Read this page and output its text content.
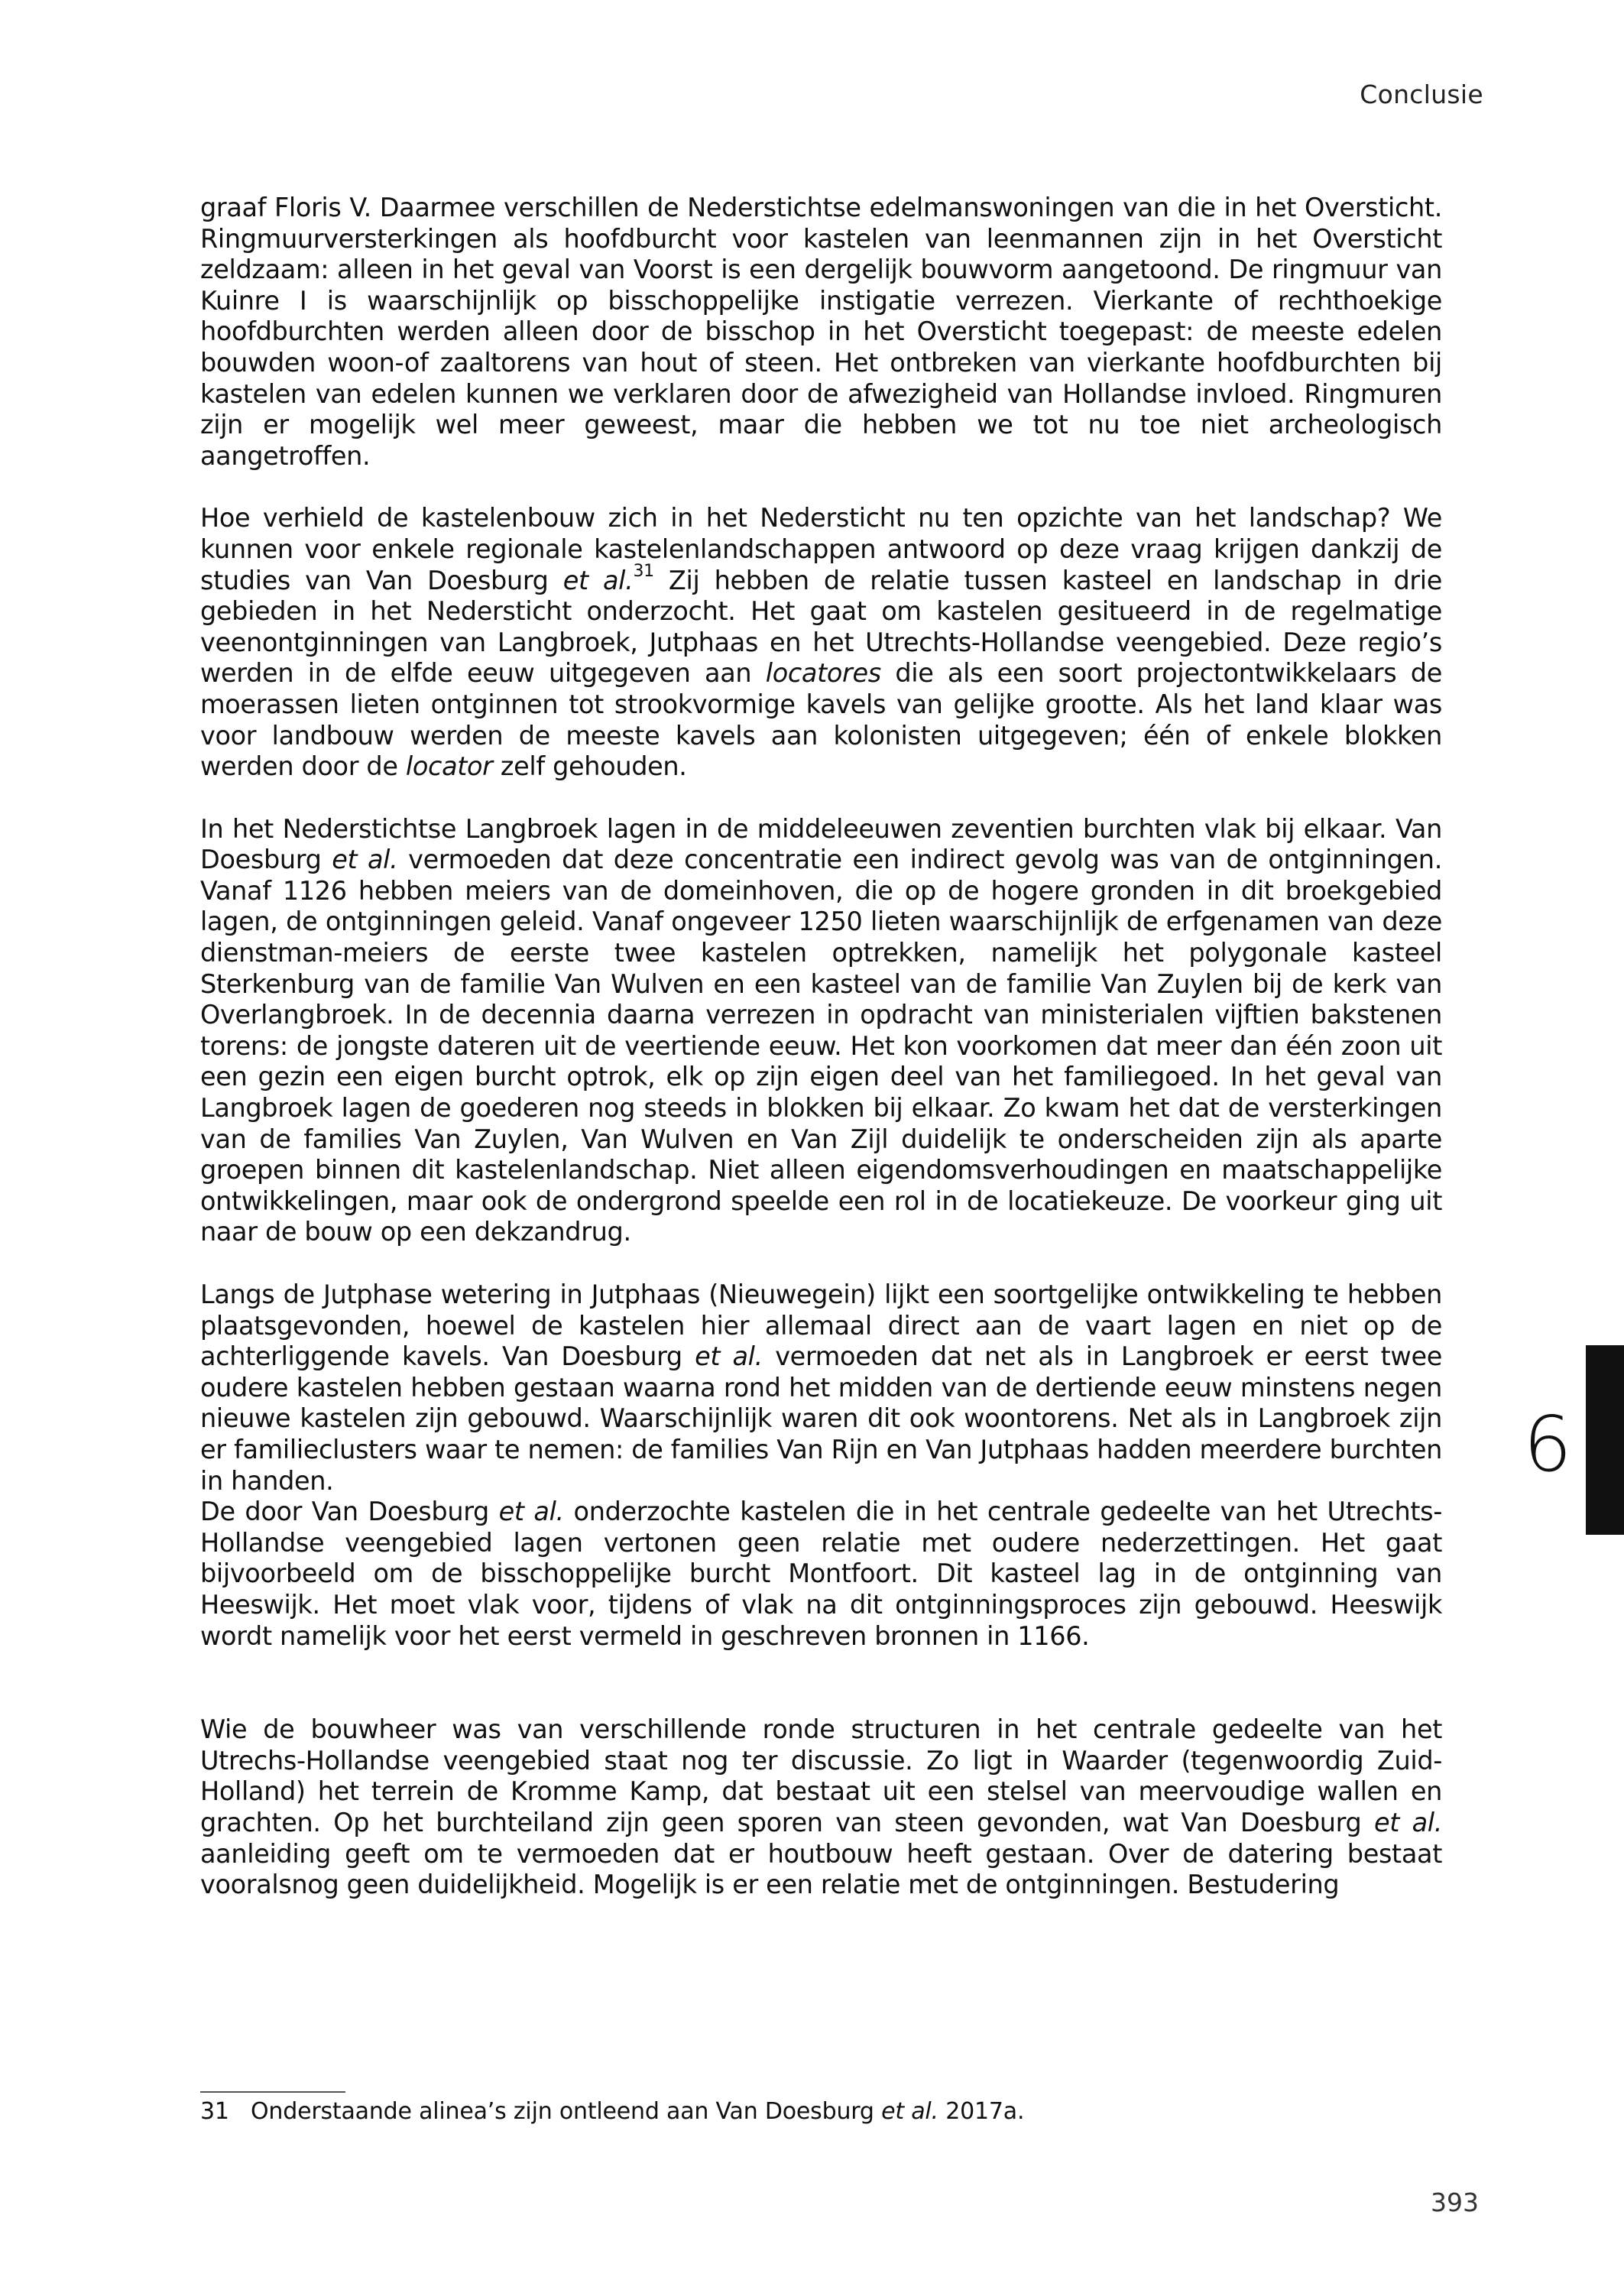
Conclusie

graaf Floris V. Daarmee verschillen de Nederstichtse edelmanswoningen van die in het Oversticht. Ringmuurversterkingen als hoofdburcht voor kastelen van leenmannen zijn in het Oversticht zeldzaam: alleen in het geval van Voorst is een dergelijk bouwvorm aangetoond. De ringmuur van Kuinre I is waarschijnlijk op bisschoppelijke instigatie verrezen. Vierkante of rechthoekige hoofdburchten werden alleen door de bisschop in het Oversticht toegepast: de meeste edelen bouwden woon-of zaaltorens van hout of steen. Het ontbreken van vierkante hoofdburchten bij kastelen van edelen kunnen we verklaren door de afwezigheid van Hollandse invloed. Ringmuren zijn er mogelijk wel meer geweest, maar die hebben we tot nu toe niet archeologisch aangetroffen.

Hoe verhield de kastelenbouw zich in het Nedersticht nu ten opzichte van het landschap? We kunnen voor enkele regionale kastelenlandschappen antwoord op deze vraag krijgen dankzij de studies van Van Doesburg et al.$^{31}$ Zij hebben de relatie tussen kasteel en landschap in drie gebieden in het Nedersticht onderzocht. Het gaat om kastelen gesitueerd in de regelmatige veenontginningen van Langbroek, Jutphaas en het Utrechts-Hollandse veengebied. Deze regio’s werden in de elfde eeuw uitgegeven aan locatores die als een soort projectontwikkelaars de moerassen lieten ontginnen tot strookvormige kavels van gelijke grootte. Als het land klaar was voor landbouw werden de meeste kavels aan kolonisten uitgegeven; één of enkele blokken werden door de locator zelf gehouden.

In het Nederstichtse Langbroek lagen in de middeleeuwen zeventien burchten vlak bij elkaar. Van Doesburg et al. vermoeden dat deze concentratie een indirect gevolg was van de ontginningen. Vanaf 1126 hebben meiers van de domeinhoven, die op de hogere gronden in dit broekgebied lagen, de ontginningen geleid. Vanaf ongeveer 1250 lieten waarschijnlijk de erfgenamen van deze dienstman-meiers de eerste twee kastelen optrekken, namelijk het polygonale kasteel Sterkenburg van de familie Van Wulven en een kasteel van de familie Van Zuylen bij de kerk van Overlangbroek. In de decennia daarna verrezen in opdracht van ministerialen vijftien bakstenen torens: de jongste dateren uit de veertiende eeuw. Het kon voorkomen dat meer dan één zoon uit een gezin een eigen burcht optrok, elk op zijn eigen deel van het familiegoed. In het geval van Langbroek lagen de goederen nog steeds in blokken bij elkaar. Zo kwam het dat de versterkingen van de families Van Zuylen, Van Wulven en Van Zijl duidelijk te onderscheiden zijn als aparte groepen binnen dit kastelenlandschap. Niet alleen eigendomsverhoudingen en maatschappelijke ontwikkelingen, maar ook de ondergrond speelde een rol in de locatiekeuze. De voorkeur ging uit naar de bouw op een dekzandrug.

Langs de Jutphase wetering in Jutphaas (Nieuwegein) lijkt een soortgelijke ontwikkeling te hebben plaatsgevonden, hoewel de kastelen hier allemaal direct aan de vaart lagen en niet op de achterliggende kavels. Van Doesburg et al. vermoeden dat net als in Langbroek er eerst twee oudere kastelen hebben gestaan waarna rond het midden van de dertiende eeuw minstens negen nieuwe kastelen zijn gebouwd. Waarschijnlijk waren dit ook woontorens. Net als in Langbroek zijn er familieclusters waar te nemen: de families Van Rijn en Van Jutphaas hadden meerdere burchten in handen.

De door Van Doesburg et al. onderzochte kastelen die in het centrale gedeelte van het Utrechts-Hollandse veengebied lagen vertonen geen relatie met oudere nederzettingen. Het gaat bijvoorbeeld om de bisschoppelijke burcht Montfoort. Dit kasteel lag in de ontginning van Heeswijk. Het moet vlak voor, tijdens of vlak na dit ontginningsproces zijn gebouwd. Heeswijk wordt namelijk voor het eerst vermeld in geschreven bronnen in 1166.

Wie de bouwheer was van verschillende ronde structuren in het centrale gedeelte van het Utrechs-Hollandse veengebied staat nog ter discussie. Zo ligt in Waarder (tegenwoordig Zuid-Holland) het terrein de Kromme Kamp, dat bestaat uit een stelsel van meervoudige wallen en grachten. Op het burchteiland zijn geen sporen van steen gevonden, wat Van Doesburg et al. aanleiding geeft om te vermoeden dat er houtbouw heeft gestaan. Over de datering bestaat vooralsnog geen duidelijkheid. Mogelijk is er een relatie met de ontginningen. Bestudering

31 Onderstaande alinea’s zijn ontleend aan Van Doesburg et al. 2017a.
6
393
